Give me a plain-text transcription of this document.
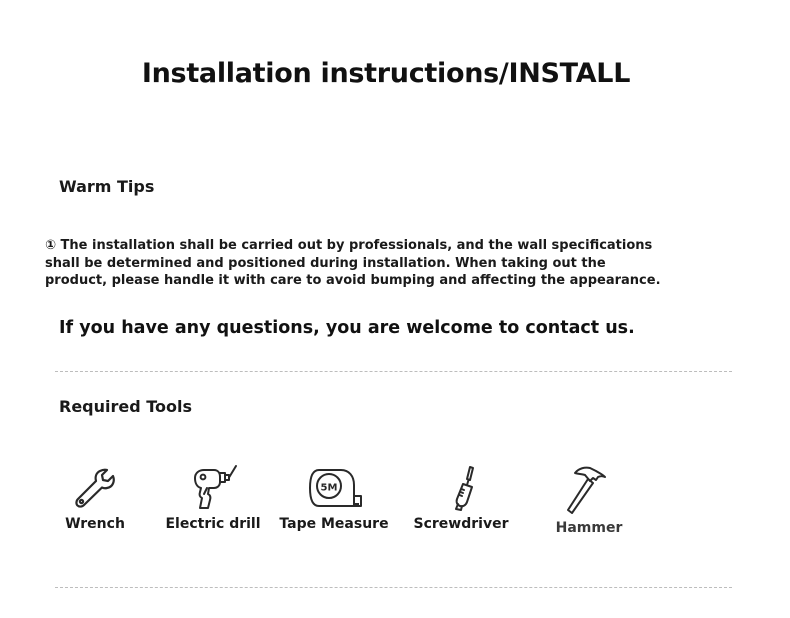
Installation instructions/INSTALL
Warm Tips
① The installation shall be carried out by professionals, and the wall specifications
shall be determined and positioned during installation. When taking out the
product, please handle it with care to avoid bumping and affecting the appearance.
If you have any questions, you are welcome to contact us.
Required Tools
Wrench	Electric drill
5M
Tape Measure	Screwdriver	Hammer
